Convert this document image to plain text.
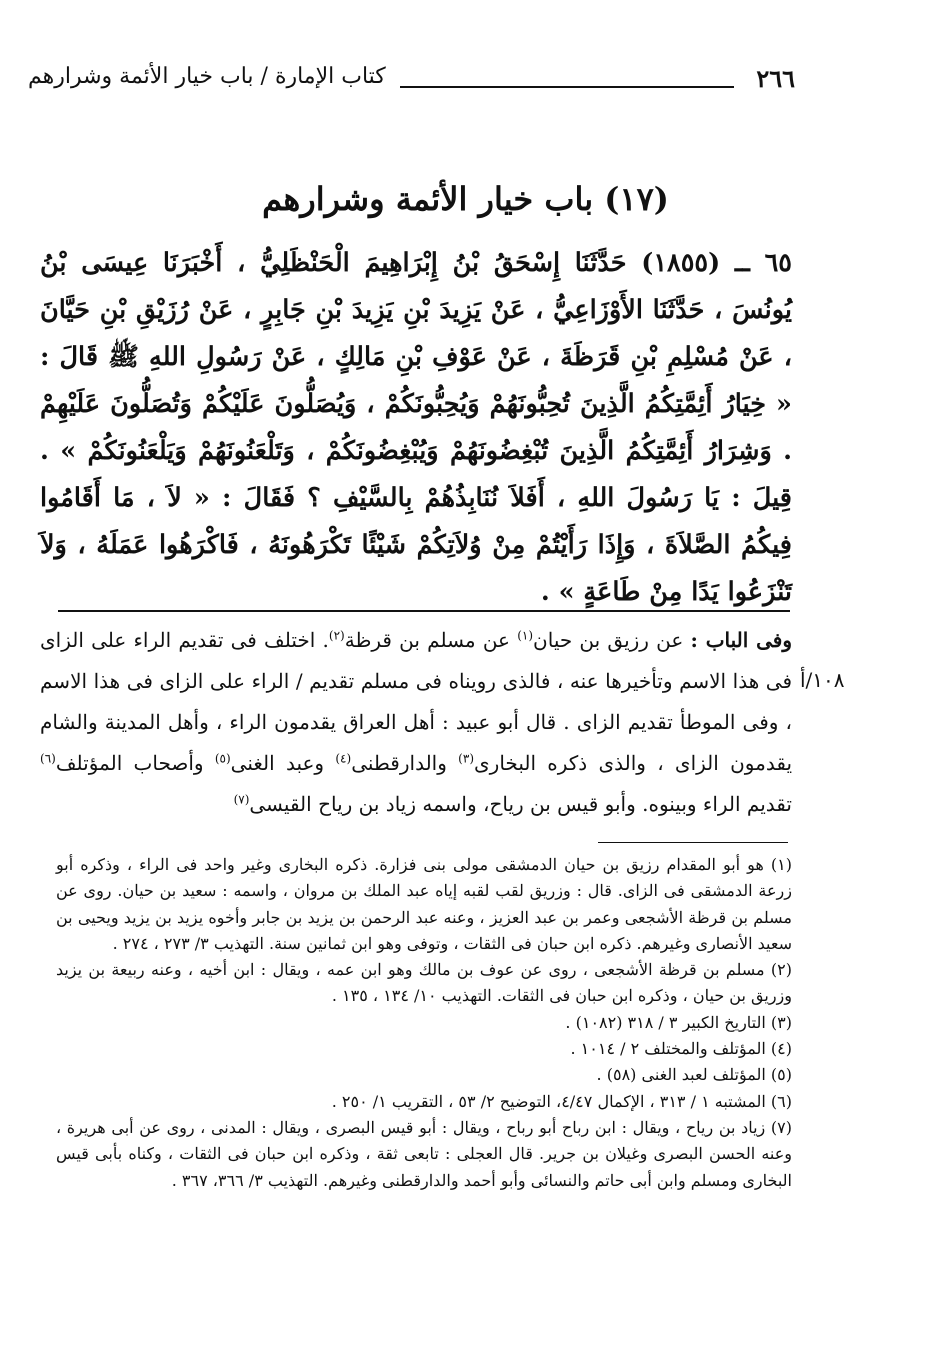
٢٦٦
كتاب الإمارة / باب خيار الأئمة وشرارهم
(١٧) باب خيار الأئمة وشرارهم
٦٥ ــ (١٨٥٥) حَدَّثَنَا إِسْحَقُ بْنُ إِبْرَاهِيمَ الْحَنْظَلِيُّ ، أَخْبَرَنَا عِيسَى بْنُ يُونُسَ ، حَدَّثَنَا الأَوْزَاعِيُّ ، عَنْ يَزِيدَ بْنِ يَزِيدَ بْنِ جَابِرٍ ، عَنْ رُزَيْقِ بْنِ حَيَّانَ ، عَنْ مُسْلِمِ بْنِ قَرَظَةَ ، عَنْ عَوْفِ بْنِ مَالِكٍ ، عَنْ رَسُولِ اللهِ ﷺ قَالَ : « خِيَارُ أَئِمَّتِكُمُ الَّذِينَ تُحِبُّونَهُمْ وَيُحِبُّونَكُمْ ، وَيُصَلُّونَ عَلَيْكُمْ وَتُصَلُّونَ عَلَيْهِمْ . وَشِرَارُ أَئِمَّتِكُمُ الَّذِينَ تُبْغِضُونَهُمْ وَيُبْغِضُونَكُمْ ، وَتَلْعَنُونَهُمْ وَيَلْعَنُونَكُمْ » . قِيلَ : يَا رَسُولَ اللهِ ، أَفَلاَ نُنَابِذُهُمْ بِالسَّيْفِ ؟ فَقَالَ : « لاَ ، مَا أَقَامُوا فِيكُمُ الصَّلاَةَ ، وَإِذَا رَأَيْتُمْ مِنْ وُلاَتِكُمْ شَيْئًا تَكْرَهُونَهُ ، فَاكْرَهُوا عَمَلَهُ ، وَلاَ تَنْزَعُوا يَدًا مِنْ طَاعَةٍ » .
وفى الباب : عن رزيق بن حيان$^{(١)}$ عن مسلم بن قرظة$^{(٢)}$. اختلف فى تقديم الراء على الزاى فى هذا الاسم وتأخيرها عنه ، فالذى رويناه فى مسلم تقديم / الراء على الزاى فى هذا الاسم ، وفى الموطأ تقديم الزاى . قال أبو عبيد : أهل العراق يقدمون الراء ، وأهل المدينة والشام يقدمون الزاى ، والذى ذكره البخارى$^{(٣)}$ والدارقطنى$^{(٤)}$ وعبد الغنى$^{(٥)}$ وأصحاب المؤتلف$^{(٦)}$ تقديم الراء وبينوه. وأبو قيس بن رياح، واسمه زياد بن رياح القيسى$^{(٧)}$
١٠٨/أ

(١) هو أبو المقدام رزيق بن حيان الدمشقى مولى بنى فزارة. ذكره البخارى وغير واحد فى الراء ، وذكره أبو زرعة الدمشقى فى الزاى. قال : وزريق لقب لقبه إياه عبد الملك بن مروان ، واسمه : سعيد بن حيان. روى عن مسلم بن قرظة الأشجعى وعمر بن عبد العزيز ، وعنه عبد الرحمن بن يزيد بن جابر وأخوه يزيد بن يزيد ويحيى بن سعيد الأنصارى وغيرهم. ذكره ابن حبان فى الثقات ، وتوفى وهو ابن ثمانين سنة. التهذيب ٣/ ٢٧٣ ، ٢٧٤ .

(٢) مسلم بن قرظة الأشجعى ، روى عن عوف بن مالك وهو ابن عمه ، ويقال : ابن أخيه ، وعنه ربيعة بن يزيد وزريق بن حيان ، وذكره ابن حبان فى الثقات. التهذيب ١٠/ ١٣٤ ، ١٣٥ .

(٣) التاريخ الكبير ٣ / ٣١٨ (١٠٨٢) .

(٤) المؤتلف والمختلف ٢ / ١٠١٤ .

(٥) المؤتلف لعبد الغنى (٥٨) .

(٦) المشتبه ١ / ٣١٣ ، الإكمال ٤/٤٧، التوضيح ٢/ ٥٣ ، التقريب ١/ ٢٥٠ .

(٧) زياد بن رياح ، ويقال : ابن رباح أبو رباح ، ويقال : أبو قيس البصرى ، ويقال : المدنى ، روى عن أبى هريرة ، وعنه الحسن البصرى وغيلان بن جرير. قال العجلى : تابعى ثقة ، وذكره ابن حبان فى الثقات ، وكناه بأبى قيس البخارى ومسلم وابن أبى حاتم والنسائى وأبو أحمد والدارقطنى وغيرهم. التهذيب ٣/ ٣٦٦، ٣٦٧ .
